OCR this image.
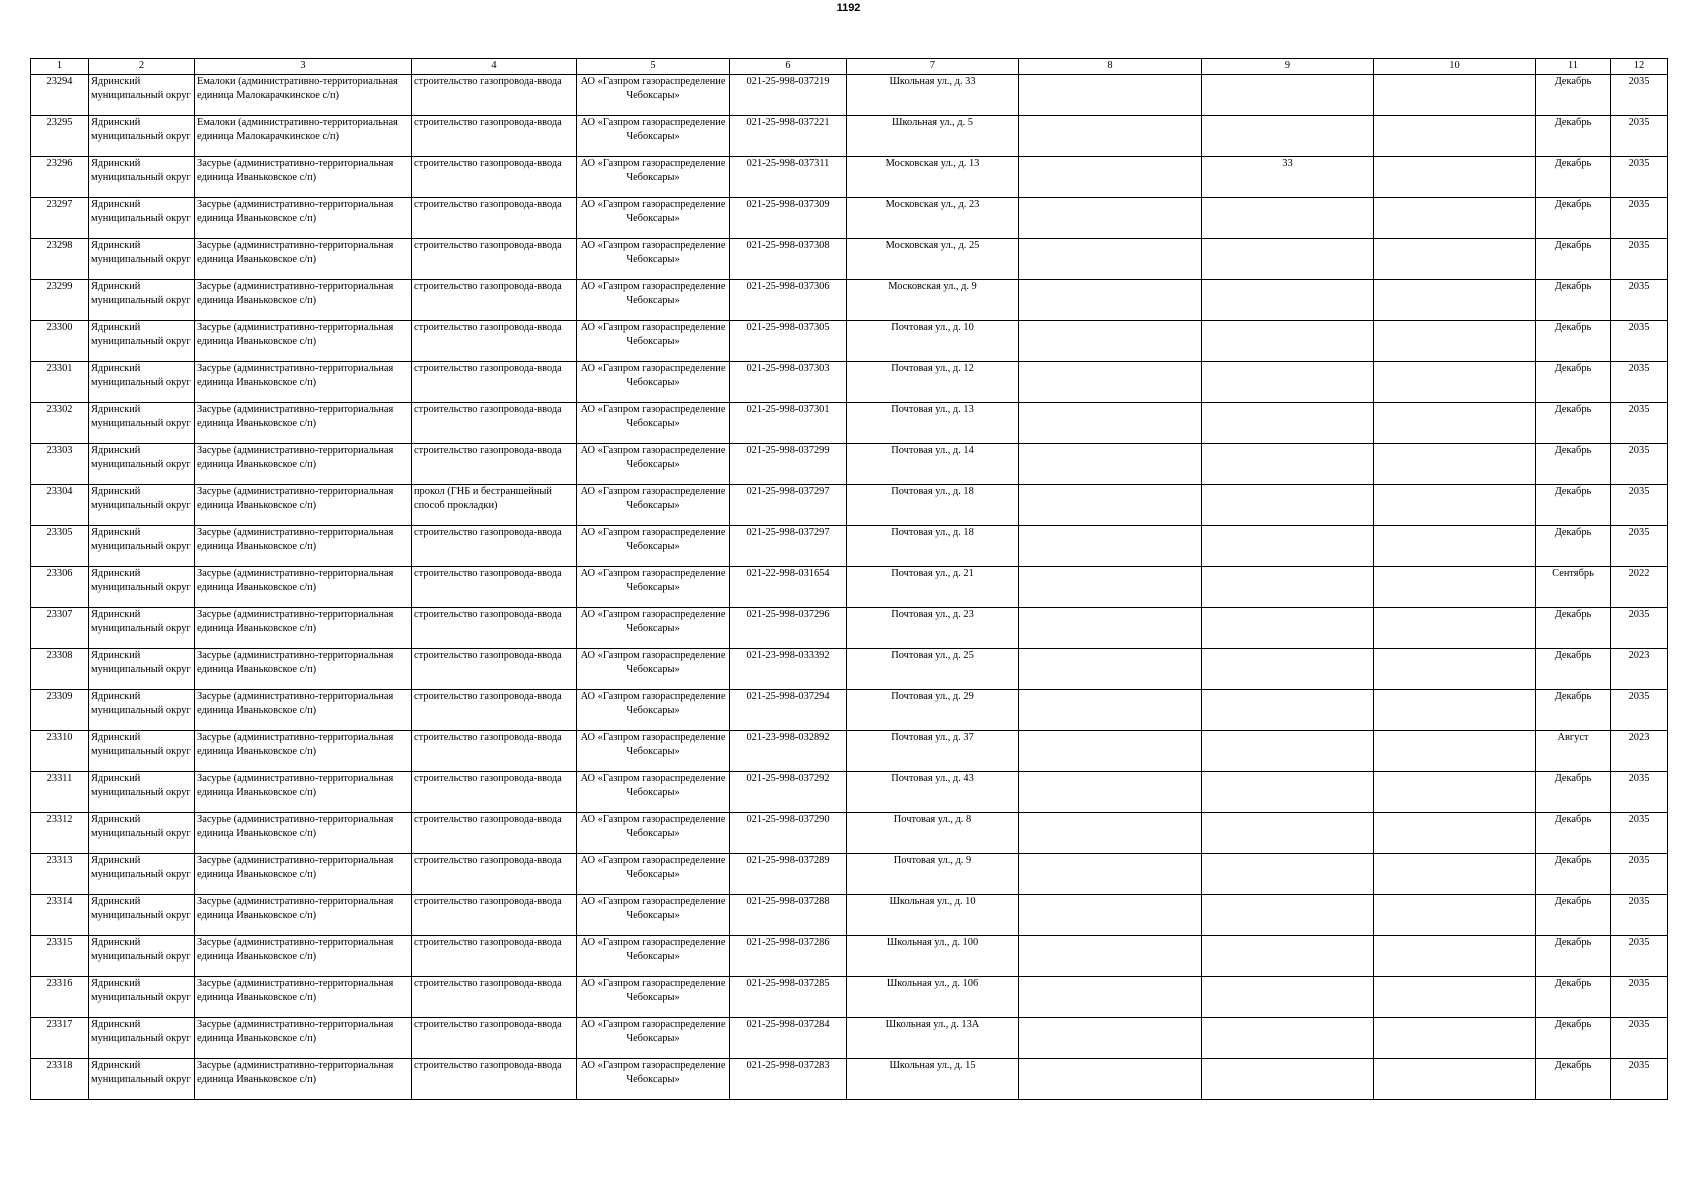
1192
1	2	3	4	5	6	7	8	9	10	11	12

23294	Ядринский муниципальный округ	Емалоки (административно-территориальная единица Малокарачкинское с/п)	строительство газопровода-ввода	АО «Газпром газораспределение Чебоксары»	021-25-998-037219	Школьная ул., д. 33				Декабрь	2035

23295	Ядринский муниципальный округ	Емалоки (административно-территориальная единица Малокарачкинское с/п)	строительство газопровода-ввода	АО «Газпром газораспределение Чебоксары»	021-25-998-037221	Школьная ул., д. 5				Декабрь	2035

23296	Ядринский муниципальный округ	Засурье (административно-территориальная единица Иваньковское с/п)	строительство газопровода-ввода	АО «Газпром газораспределение Чебоксары»	021-25-998-037311	Московская ул., д. 13		33		Декабрь	2035

23297	Ядринский муниципальный округ	Засурье (административно-территориальная единица Иваньковское с/п)	строительство газопровода-ввода	АО «Газпром газораспределение Чебоксары»	021-25-998-037309	Московская ул., д. 23				Декабрь	2035

23298	Ядринский муниципальный округ	Засурье (административно-территориальная единица Иваньковское с/п)	строительство газопровода-ввода	АО «Газпром газораспределение Чебоксары»	021-25-998-037308	Московская ул., д. 25				Декабрь	2035

23299	Ядринский муниципальный округ	Засурье (административно-территориальная единица Иваньковское с/п)	строительство газопровода-ввода	АО «Газпром газораспределение Чебоксары»	021-25-998-037306	Московская ул., д. 9				Декабрь	2035

23300	Ядринский муниципальный округ	Засурье (административно-территориальная единица Иваньковское с/п)	строительство газопровода-ввода	АО «Газпром газораспределение Чебоксары»	021-25-998-037305	Почтовая ул., д. 10				Декабрь	2035

23301	Ядринский муниципальный округ	Засурье (административно-территориальная единица Иваньковское с/п)	строительство газопровода-ввода	АО «Газпром газораспределение Чебоксары»	021-25-998-037303	Почтовая ул., д. 12				Декабрь	2035

23302	Ядринский муниципальный округ	Засурье (административно-территориальная единица Иваньковское с/п)	строительство газопровода-ввода	АО «Газпром газораспределение Чебоксары»	021-25-998-037301	Почтовая ул., д. 13				Декабрь	2035

23303	Ядринский муниципальный округ	Засурье (административно-территориальная единица Иваньковское с/п)	строительство газопровода-ввода	АО «Газпром газораспределение Чебоксары»	021-25-998-037299	Почтовая ул., д. 14				Декабрь	2035

23304	Ядринский муниципальный округ	Засурье (административно-территориальная единица Иваньковское с/п)	прокол (ГНБ и бестраншейный способ прокладки)	АО «Газпром газораспределение Чебоксары»	021-25-998-037297	Почтовая ул., д. 18				Декабрь	2035

23305	Ядринский муниципальный округ	Засурье (административно-территориальная единица Иваньковское с/п)	строительство газопровода-ввода	АО «Газпром газораспределение Чебоксары»	021-25-998-037297	Почтовая ул., д. 18				Декабрь	2035

23306	Ядринский муниципальный округ	Засурье (административно-территориальная единица Иваньковское с/п)	строительство газопровода-ввода	АО «Газпром газораспределение Чебоксары»	021-22-998-031654	Почтовая ул., д. 21				Сентябрь	2022

23307	Ядринский муниципальный округ	Засурье (административно-территориальная единица Иваньковское с/п)	строительство газопровода-ввода	АО «Газпром газораспределение Чебоксары»	021-25-998-037296	Почтовая ул., д. 23				Декабрь	2035

23308	Ядринский муниципальный округ	Засурье (административно-территориальная единица Иваньковское с/п)	строительство газопровода-ввода	АО «Газпром газораспределение Чебоксары»	021-23-998-033392	Почтовая ул., д. 25				Декабрь	2023

23309	Ядринский муниципальный округ	Засурье (административно-территориальная единица Иваньковское с/п)	строительство газопровода-ввода	АО «Газпром газораспределение Чебоксары»	021-25-998-037294	Почтовая ул., д. 29				Декабрь	2035

23310	Ядринский муниципальный округ	Засурье (административно-территориальная единица Иваньковское с/п)	строительство газопровода-ввода	АО «Газпром газораспределение Чебоксары»	021-23-998-032892	Почтовая ул., д. 37				Август	2023

23311	Ядринский муниципальный округ	Засурье (административно-территориальная единица Иваньковское с/п)	строительство газопровода-ввода	АО «Газпром газораспределение Чебоксары»	021-25-998-037292	Почтовая ул., д. 43				Декабрь	2035

23312	Ядринский муниципальный округ	Засурье (административно-территориальная единица Иваньковское с/п)	строительство газопровода-ввода	АО «Газпром газораспределение Чебоксары»	021-25-998-037290	Почтовая ул., д. 8				Декабрь	2035

23313	Ядринский муниципальный округ	Засурье (административно-территориальная единица Иваньковское с/п)	строительство газопровода-ввода	АО «Газпром газораспределение Чебоксары»	021-25-998-037289	Почтовая ул., д. 9				Декабрь	2035

23314	Ядринский муниципальный округ	Засурье (административно-территориальная единица Иваньковское с/п)	строительство газопровода-ввода	АО «Газпром газораспределение Чебоксары»	021-25-998-037288	Школьная ул., д. 10				Декабрь	2035

23315	Ядринский муниципальный округ	Засурье (административно-территориальная единица Иваньковское с/п)	строительство газопровода-ввода	АО «Газпром газораспределение Чебоксары»	021-25-998-037286	Школьная ул., д. 100				Декабрь	2035

23316	Ядринский муниципальный округ	Засурье (административно-территориальная единица Иваньковское с/п)	строительство газопровода-ввода	АО «Газпром газораспределение Чебоксары»	021-25-998-037285	Школьная ул., д. 106				Декабрь	2035

23317	Ядринский муниципальный округ	Засурье (административно-территориальная единица Иваньковское с/п)	строительство газопровода-ввода	АО «Газпром газораспределение Чебоксары»	021-25-998-037284	Школьная ул., д. 13А				Декабрь	2035

23318	Ядринский муниципальный округ	Засурье (административно-территориальная единица Иваньковское с/п)	строительство газопровода-ввода	АО «Газпром газораспределение Чебоксары»	021-25-998-037283	Школьная ул., д. 15				Декабрь	2035
